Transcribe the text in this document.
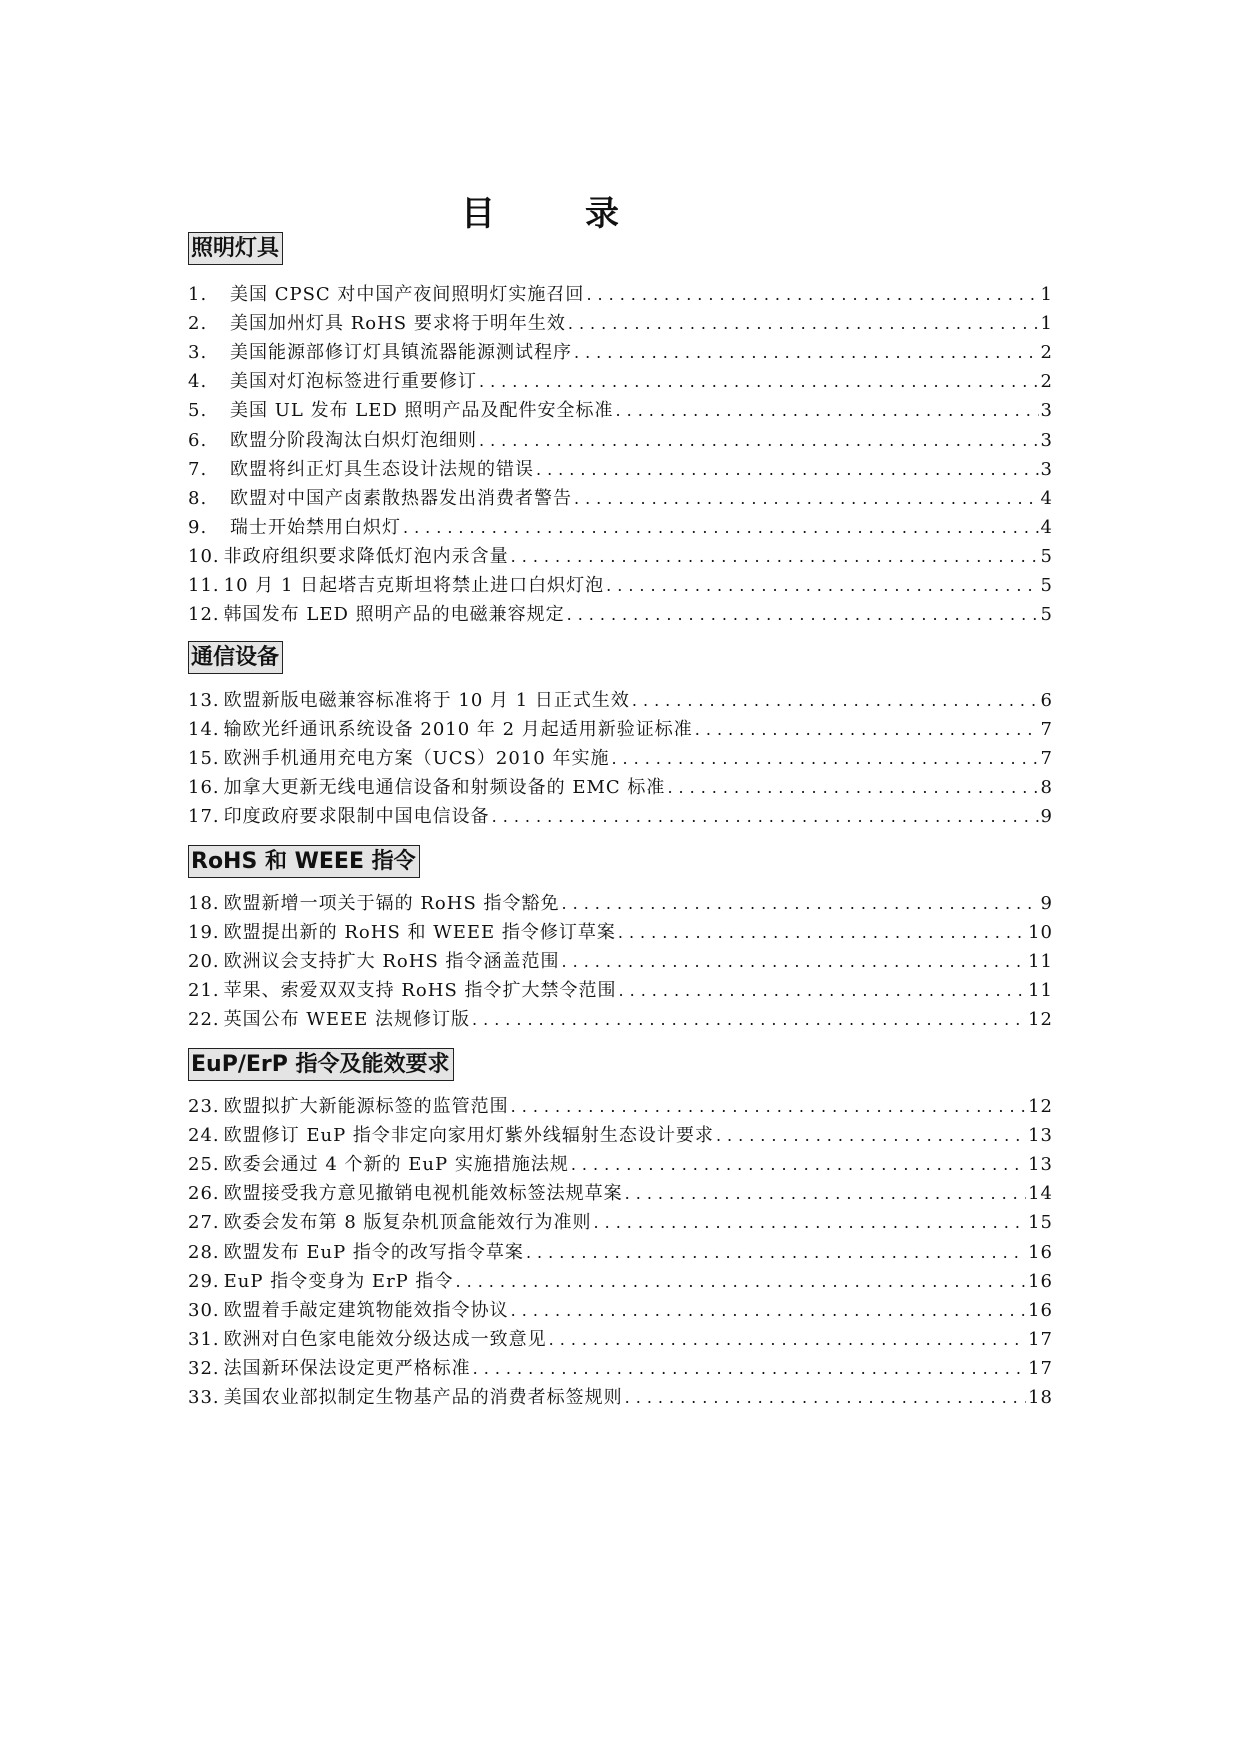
目	录
照明灯具
1.	美国 CPSC 对中国产夜间照明灯实施召回 .....	1
2.	美国加州灯具 RoHS 要求将于明年生效 .....	1
3.	美国能源部修订灯具镇流器能源测试程序 .....	2
4.	美国对灯泡标签进行重要修订 .....	2
5.	美国 UL 发布 LED 照明产品及配件安全标准 .....	3
6.	欧盟分阶段淘汰白炽灯泡细则 .....	3
7.	欧盟将纠正灯具生态设计法规的错误 .....	3
8.	欧盟对中国产卤素散热器发出消费者警告 .....	4
9.	瑞士开始禁用白炽灯 .....	4
10. 非政府组织要求降低灯泡内汞含量 .....	5
11. 10 月 1 日起塔吉克斯坦将禁止进口白炽灯泡 .....	5
12. 韩国发布 LED 照明产品的电磁兼容规定 .....	5
通信设备
13. 欧盟新版电磁兼容标准将于 10 月 1 日正式生效 .....	6
14. 输欧光纤通讯系统设备 2010 年 2 月起适用新验证标准 .....	7
15. 欧洲手机通用充电方案（UCS）2010 年实施 .....	7
16. 加拿大更新无线电通信设备和射频设备的 EMC 标准 .....	8
17. 印度政府要求限制中国电信设备 .....	9
RoHS 和 WEEE 指令
18. 欧盟新增一项关于镉的 RoHS 指令豁免 .....	9
19. 欧盟提出新的 RoHS 和 WEEE 指令修订草案 .....	10
20. 欧洲议会支持扩大 RoHS 指令涵盖范围 .....	11
21. 苹果、索爱双双支持 RoHS 指令扩大禁令范围 .....	11
22. 英国公布 WEEE 法规修订版 .....	12
EuP/ErP 指令及能效要求
23. 欧盟拟扩大新能源标签的监管范围 .....	12
24. 欧盟修订 EuP 指令非定向家用灯紫外线辐射生态设计要求 .....	13
25. 欧委会通过 4 个新的 EuP 实施措施法规 .....	13
26. 欧盟接受我方意见撤销电视机能效标签法规草案 .....	14
27. 欧委会发布第 8 版复杂机顶盒能效行为准则 .....	15
28. 欧盟发布 EuP 指令的改写指令草案 .....	16
29. EuP 指令变身为 ErP 指令 .....	16
30. 欧盟着手敲定建筑物能效指令协议 .....	16
31. 欧洲对白色家电能效分级达成一致意见 .....	17
32. 法国新环保法设定更严格标准 .....	17
33. 美国农业部拟制定生物基产品的消费者标签规则 .....	18
